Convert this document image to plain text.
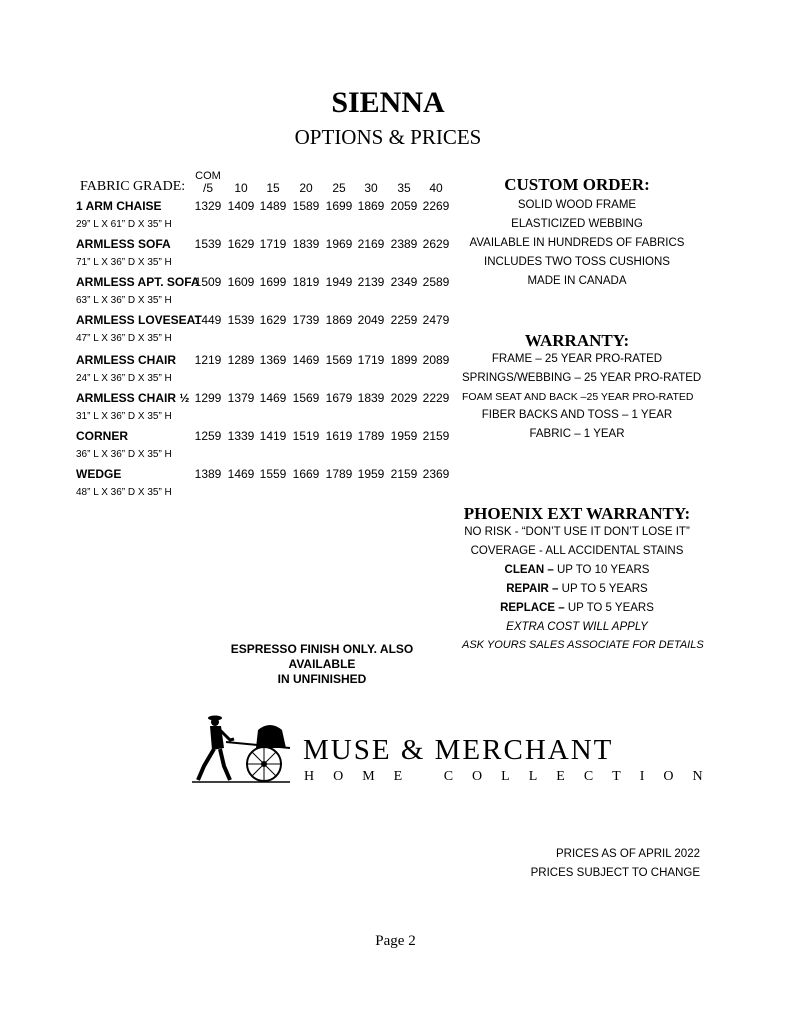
SIENNA
OPTIONS & PRICES
FABRIC GRADE:
COM
/5	10	15	20	25	30	35	40
1 ARM CHAISE
29” L X 61” D X 35” H
1329 1409 1489 1589 1699 1869 2059 2269
ARMLESS SOFA
71” L X 36” D X 35” H
1539 1629 1719 1839 1969 2169 2389 2629
ARMLESS APT. SOFA
63” L X 36” D X 35” H
1509 1609 1699 1819 1949 2139 2349 2589
ARMLESS LOVESEAT
47” L X 36” D X 35” H
1449 1539 1629 1739 1869 2049 2259 2479
ARMLESS CHAIR
24” L X 36” D X 35” H
1219 1289 1369 1469 1569 1719 1899 2089
ARMLESS CHAIR ½
31” L X 36” D X 35” H
1299 1379 1469 1569 1679 1839 2029 2229
CORNER
36” L X 36” D X 35” H
1259 1339 1419 1519 1619 1789 1959 2159
WEDGE
48” L X 36” D X 35” H
1389 1469 1559 1669 1789 1959 2159 2369
CUSTOM ORDER:
SOLID WOOD FRAME
ELASTICIZED WEBBING
AVAILABLE IN HUNDREDS OF FABRICS
INCLUDES TWO TOSS CUSHIONS
MADE IN CANADA
WARRANTY:
FRAME – 25 YEAR PRO-RATED
SPRINGS/WEBBING – 25 YEAR PRO-RATED
FOAM SEAT AND BACK –25 YEAR PRO-RATED
FIBER BACKS AND TOSS – 1 YEAR
FABRIC – 1 YEAR
PHOENIX EXT WARRANTY:
NO RISK - “DON’T USE IT DON’T LOSE IT”
COVERAGE - ALL ACCIDENTAL STAINS
CLEAN – UP TO 10 YEARS
REPAIR – UP TO 5 YEARS
REPLACE – UP TO 5 YEARS
EXTRA COST WILL APPLY
ASK YOURS SALES ASSOCIATE FOR DETAILS
ESPRESSO FINISH ONLY. ALSO AVAILABLE
IN UNFINISHED
MUSE & MERCHANT
HOME COLLECTION
PRICES AS OF APRIL 2022
PRICES SUBJECT TO CHANGE
Page 2
